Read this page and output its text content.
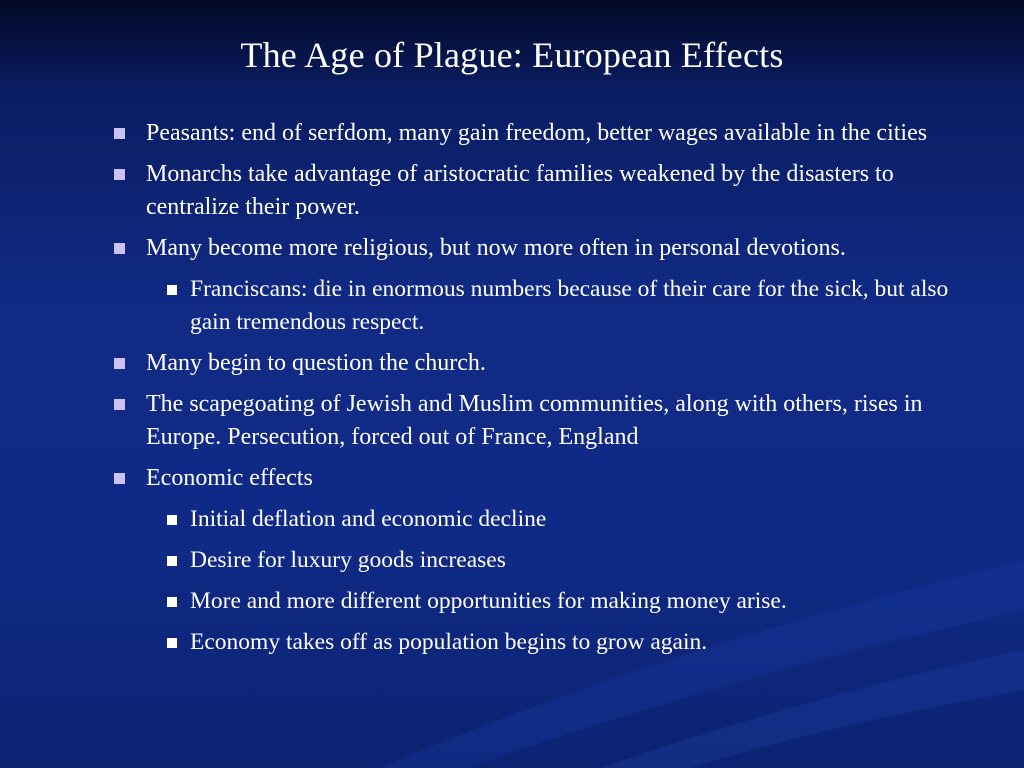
The Age of Plague: European Effects
Peasants: end of serfdom, many gain freedom, better wages available in the cities
Monarchs take advantage of aristocratic families weakened by the disasters to centralize their power.
Many become more religious, but now more often in personal devotions.
Franciscans: die in enormous numbers because of their care for the sick, but also gain tremendous respect.
Many begin to question the church.
The scapegoating of Jewish and Muslim communities, along with others, rises in Europe. Persecution, forced out of France, England
Economic effects
Initial deflation and economic decline
Desire for luxury goods increases
More and more different opportunities for making money arise.
Economy takes off as population begins to grow again.
